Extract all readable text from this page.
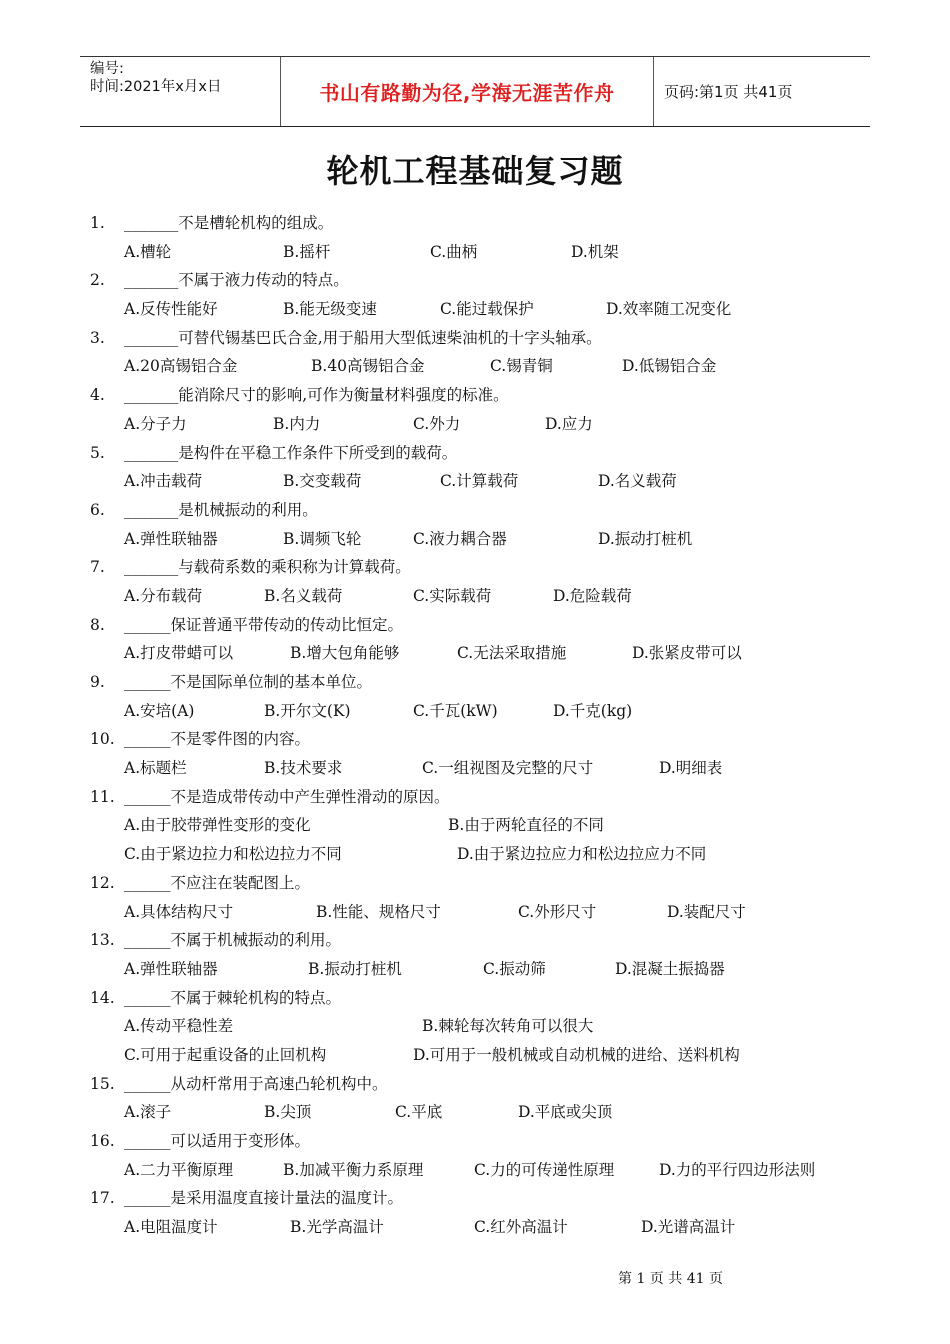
编号:
时间:2021年x月x日	书山有路勤为径,学海无涯苦作舟	页码:第1页 共41页
轮机工程基础复习题
1. _______不是槽轮机构的组成。
A.槽轮	B.摇杆	C.曲柄	D.机架
2. _______不属于液力传动的特点。
A.反传性能好	B.能无级变速	C.能过载保护	D.效率随工况变化
3. _______可替代锡基巴氏合金,用于船用大型低速柴油机的十字头轴承。
A.20高锡铝合金	B.40高锡铝合金	C.锡青铜	D.低锡铝合金
4. _______能消除尺寸的影响,可作为衡量材料强度的标准。
A.分子力	B.内力	C.外力	D.应力
5. _______是构件在平稳工作条件下所受到的载荷。
A.冲击载荷	B.交变载荷	C.计算载荷	D.名义载荷
6. _______是机械振动的利用。
A.弹性联轴器	B.调频飞轮	C.液力耦合器	D.振动打桩机
7. _______与载荷系数的乘积称为计算载荷。
A.分布载荷	B.名义载荷	C.实际载荷	D.危险载荷
8. ______保证普通平带传动的传动比恒定。
A.打皮带蜡可以	B.增大包角能够	C.无法采取措施	D.张紧皮带可以
9. ______不是国际单位制的基本单位。
A.安培(A)	B.开尔文(K)	C.千瓦(kW)	D.千克(kg)
10. ______不是零件图的内容。
A.标题栏	B.技术要求	C.一组视图及完整的尺寸	D.明细表
11. ______不是造成带传动中产生弹性滑动的原因。
A.由于胶带弹性变形的变化	B.由于两轮直径的不同
C.由于紧边拉力和松边拉力不同	D.由于紧边拉应力和松边拉应力不同
12. ______不应注在装配图上。
A.具体结构尺寸	B.性能、规格尺寸	C.外形尺寸	D.装配尺寸
13. ______不属于机械振动的利用。
A.弹性联轴器	B.振动打桩机	C.振动筛	D.混凝土振捣器
14. ______不属于棘轮机构的特点。
A.传动平稳性差	B.棘轮每次转角可以很大
C.可用于起重设备的止回机构	D.可用于一般机械或自动机械的进给、送料机构
15. ______从动杆常用于高速凸轮机构中。
A.滚子	B.尖顶	C.平底	D.平底或尖顶
16. ______可以适用于变形体。
A.二力平衡原理	B.加减平衡力系原理	C.力的可传递性原理	D.力的平行四边形法则
17. ______是采用温度直接计量法的温度计。
A.电阻温度计	B.光学高温计	C.红外高温计	D.光谱高温计
第 1 页 共 41 页
